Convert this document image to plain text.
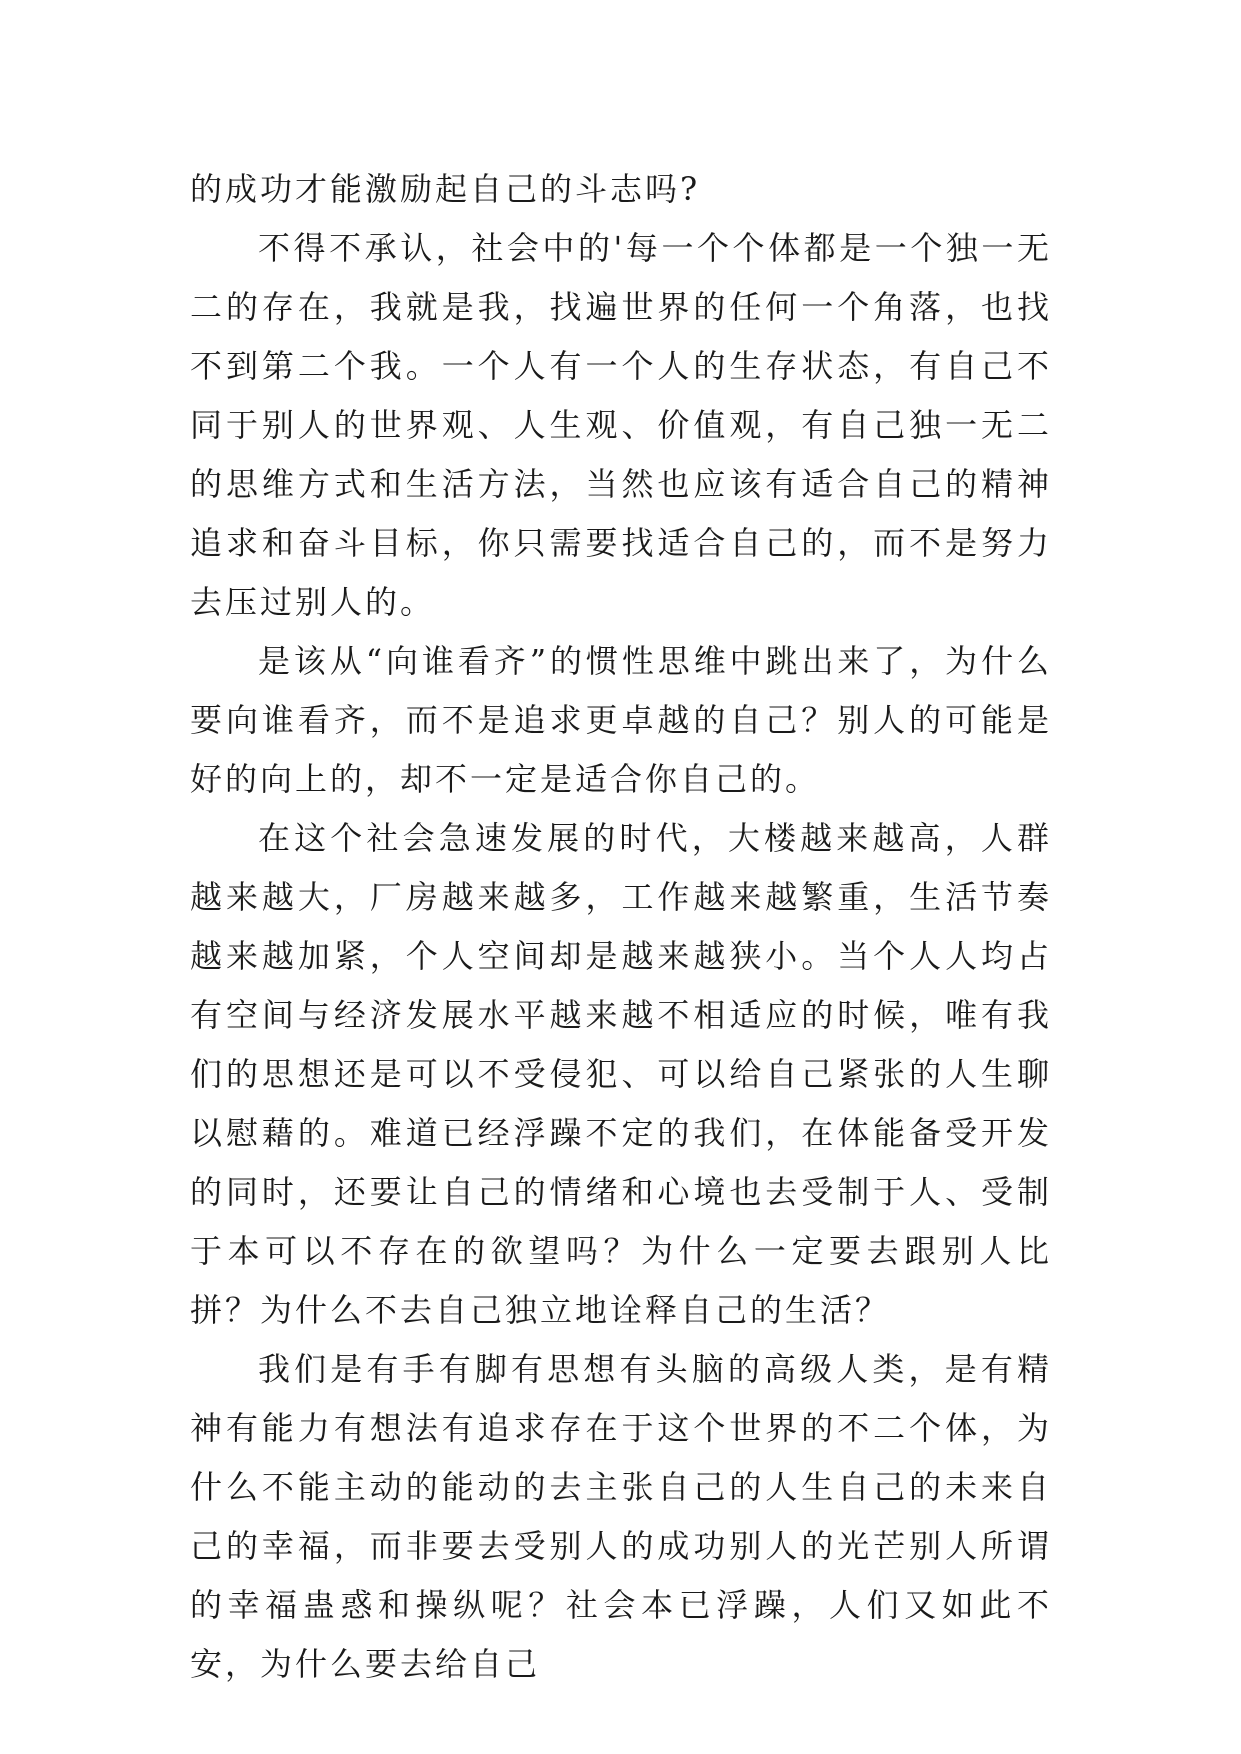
的成功才能激励起自己的斗志吗?

不得不承认，社会中的'每一个个体都是一个独一无二的存在，我就是我，找遍世界的任何一个角落，也找不到第二个我。一个人有一个人的生存状态，有自己不同于别人的世界观、人生观、价值观，有自己独一无二的思维方式和生活方法，当然也应该有适合自己的精神追求和奋斗目标，你只需要找适合自己的，而不是努力去压过别人的。

是该从“向谁看齐”的惯性思维中跳出来了，为什么要向谁看齐，而不是追求更卓越的自己？别人的可能是好的向上的，却不一定是适合你自己的。

在这个社会急速发展的时代，大楼越来越高，人群越来越大，厂房越来越多，工作越来越繁重，生活节奏越来越加紧，个人空间却是越来越狭小。当个人人均占有空间与经济发展水平越来越不相适应的时候，唯有我们的思想还是可以不受侵犯、可以给自己紧张的人生聊以慰藉的。难道已经浮躁不定的我们，在体能备受开发的同时，还要让自己的情绪和心境也去受制于人、受制于本可以不存在的欲望吗？为什么一定要去跟别人比拼？为什么不去自己独立地诠释自己的生活？

我们是有手有脚有思想有头脑的高级人类，是有精神有能力有想法有追求存在于这个世界的不二个体，为什么不能主动的能动的去主张自己的人生自己的未来自己的幸福，而非要去受别人的成功别人的光芒别人所谓的幸福蛊惑和操纵呢？社会本已浮躁，人们又如此不安，为什么要去给自己
